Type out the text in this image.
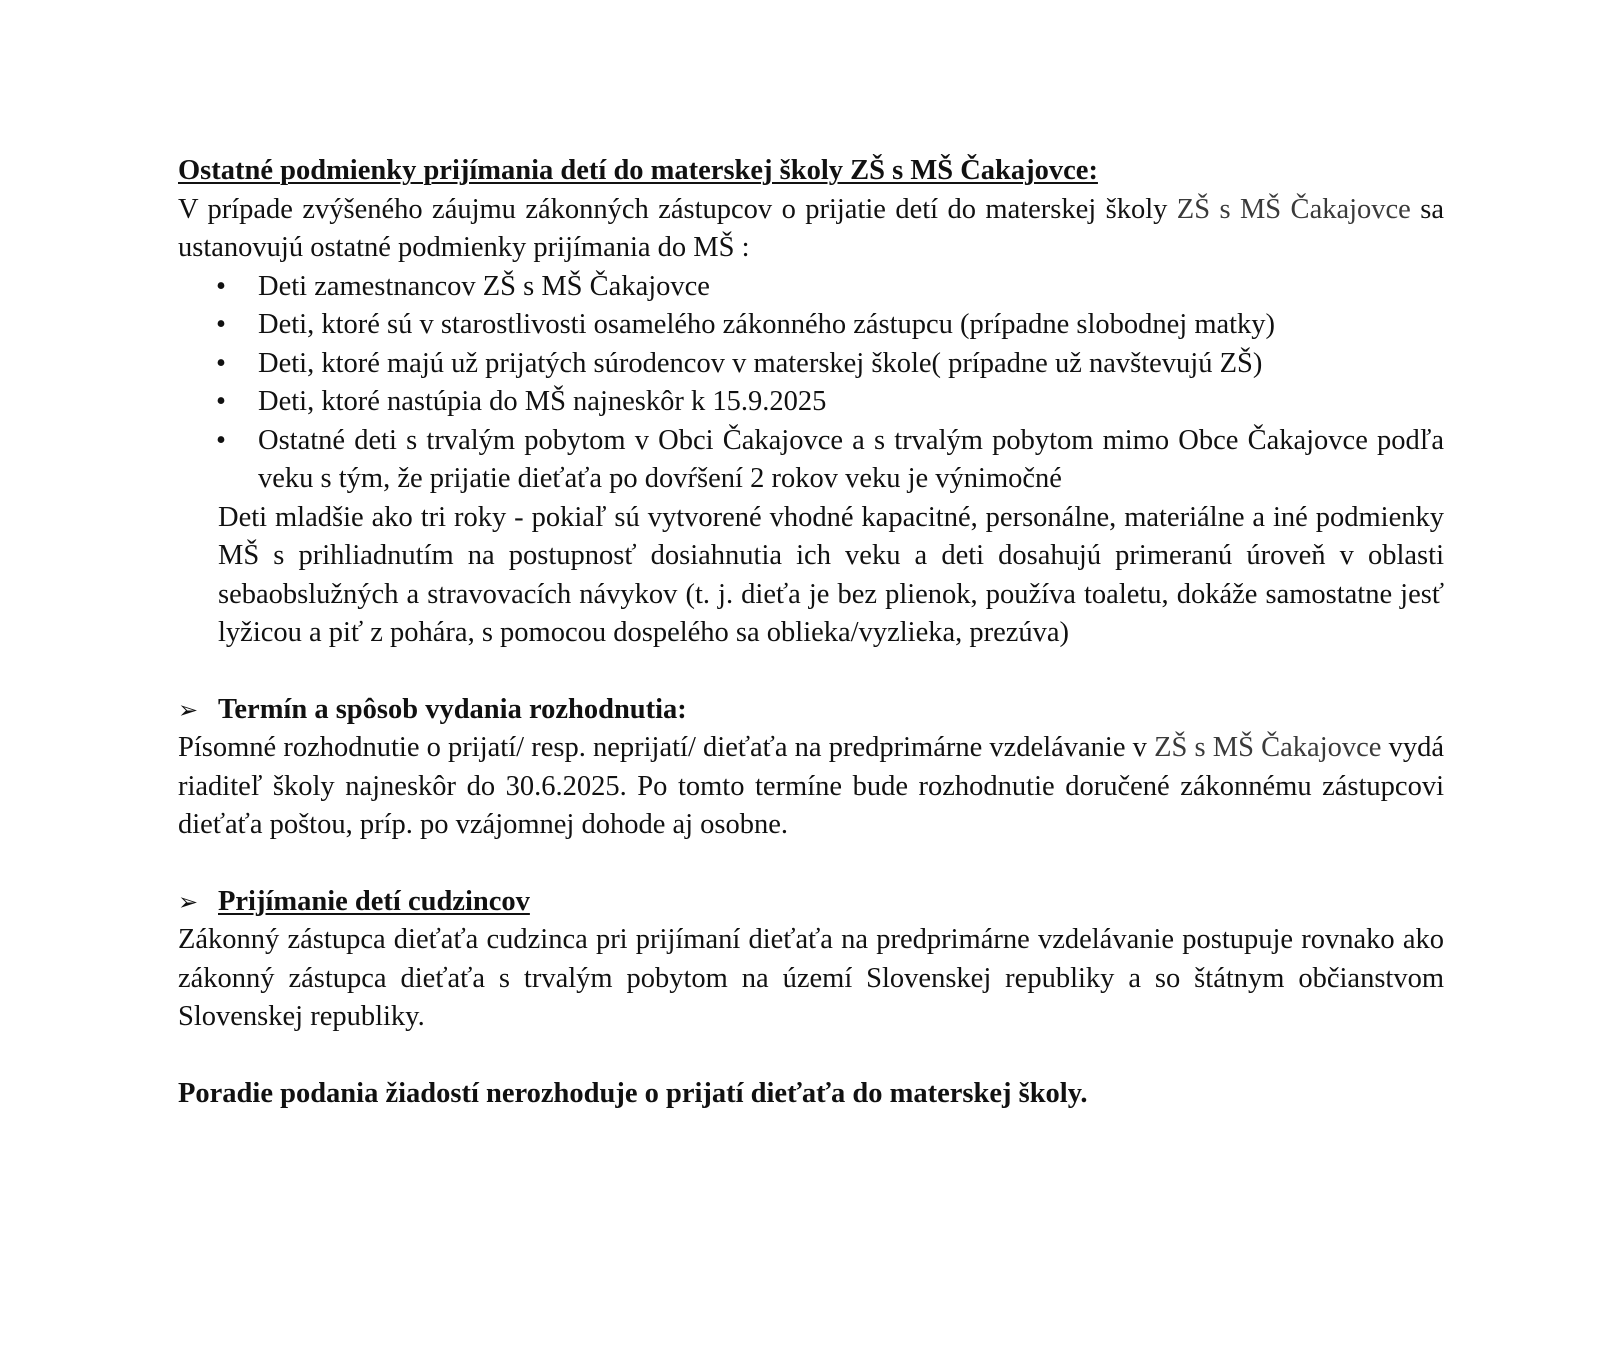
Ostatné podmienky prijímania detí do materskej školy ZŠ s MŠ Čakajovce:

V prípade zvýšeného záujmu zákonných zástupcov o prijatie detí do materskej školy ZŠ s MŠ Čakajovce sa ustanovujú ostatné podmienky prijímania do MŠ :

• Deti zamestnancov ZŠ s MŠ Čakajovce
• Deti, ktoré sú v starostlivosti osamelého zákonného zástupcu (prípadne slobodnej matky)
• Deti, ktoré majú už prijatých súrodencov v materskej škole( prípadne už navštevujú ZŠ)
• Deti, ktoré nastúpia do MŠ najneskôr k 15.9.2025
• Ostatné deti s trvalým pobytom v Obci Čakajovce a s trvalým pobytom mimo Obce Čakajovce podľa veku s tým, že prijatie dieťaťa po dovŕšení 2 rokov veku je výnimočné

Deti mladšie ako tri roky - pokiaľ sú vytvorené vhodné kapacitné, personálne, materiálne a iné podmienky MŠ s prihliadnutím na postupnosť dosiahnutia ich veku a deti dosahujú primeranú úroveň v oblasti sebaobslužných a stravovacích návykov (t. j. dieťa je bez plienok, používa toaletu, dokáže samostatne jesť lyžicou a piť z pohára, s pomocou dospelého sa oblieka/vyzlieka, prezúva)

➢ Termín a spôsob vydania rozhodnutia:

Písomné rozhodnutie o prijatí/ resp. neprijatí/ dieťaťa na predprimárne vzdelávanie v ZŠ s MŠ Čakajovce vydá riaditeľ školy najneskôr do 30.6.2025. Po tomto termíne bude rozhodnutie doručené zákonnému zástupcovi dieťaťa poštou, príp. po vzájomnej dohode aj osobne.

➢ Prijímanie detí cudzincov

Zákonný zástupca dieťaťa cudzinca pri prijímaní dieťaťa na predprimárne vzdelávanie postupuje rovnako ako zákonný zástupca dieťaťa s trvalým pobytom na území Slovenskej republiky a so štátnym občianstvom Slovenskej republiky.

Poradie podania žiadostí nerozhoduje o prijatí dieťaťa do materskej školy.
